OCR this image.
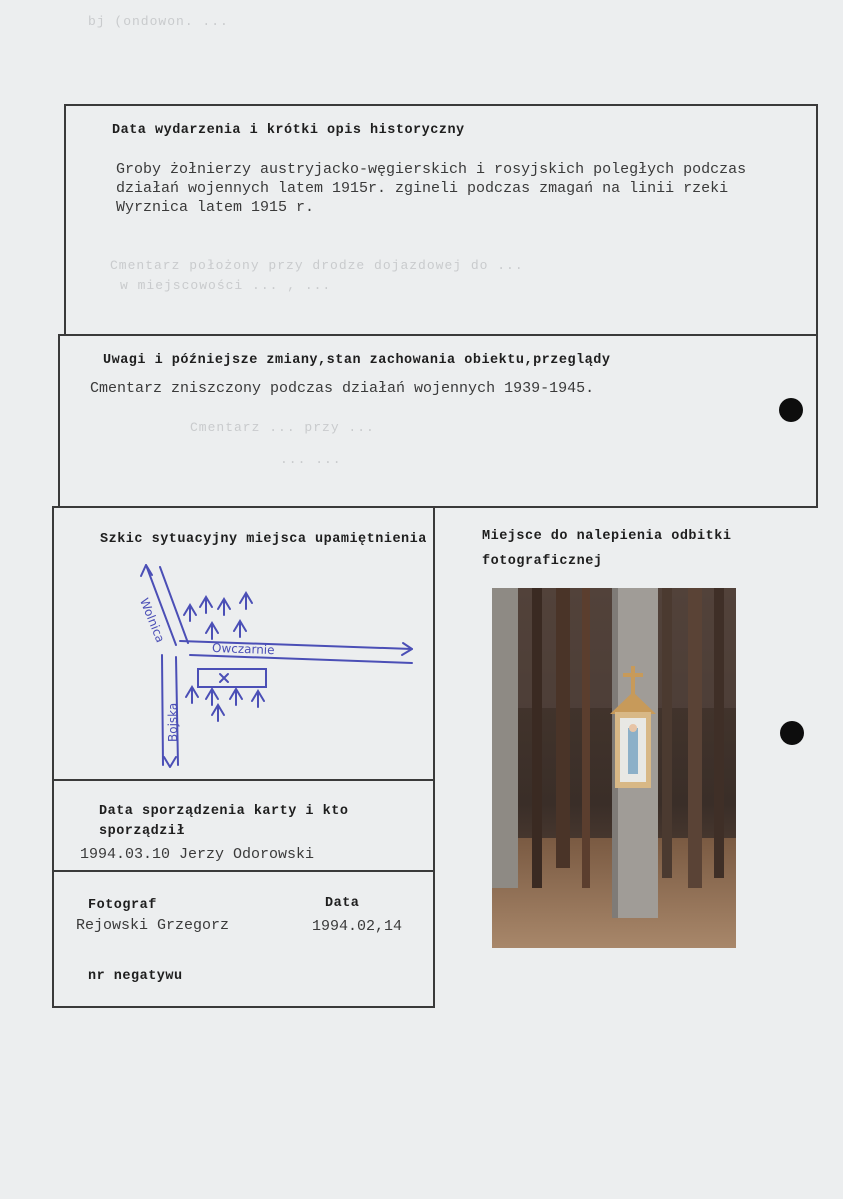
bj (ondowon. ...
Cmentarz położony przy drodze dojazdowej do ...
w miejscowości ... , ...
Cmentarz ... przy ...
... ...
Data wydarzenia i krótki opis historyczny
Groby żołnierzy austryjacko-węgierskich i rosyjskich poległych podczas działań wojennych latem 1915r. zgineli podczas zmagań na linii rzeki Wyrznica latem 1915 r.
Uwagi i późniejsze zmiany,stan zachowania obiektu,przeglądy
Cmentarz zniszczony podczas działań wojennych 1939-1945.
Szkic sytuacyjny miejsca upamiętnienia
Wolnica
Bojska
Owczarnie
Miejsce do nalepienia odbitki fotograficznej
Data sporządzenia karty i kto sporządził
1994.03.10 Jerzy Odorowski
Fotograf	Data
Rejowski Grzegorz	1994.02,14
nr negatywu
